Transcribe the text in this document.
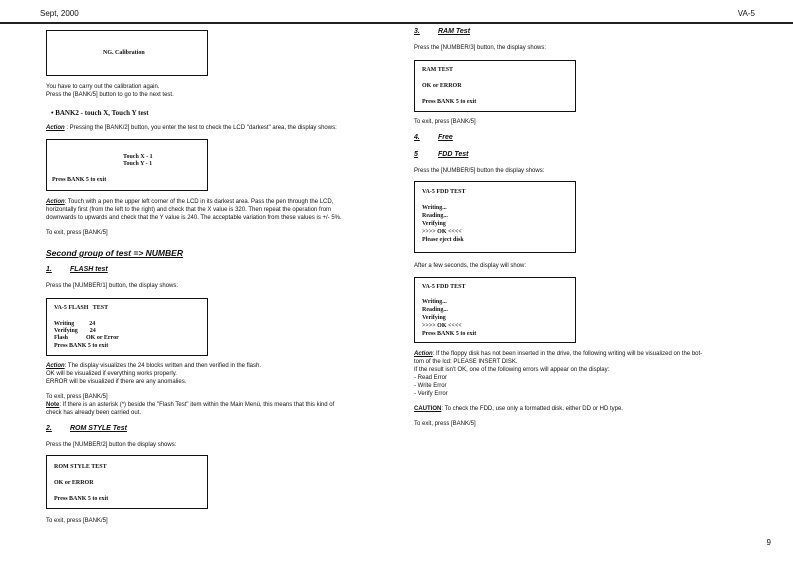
Sept, 2000	VA-5
NG. Calibration
You have to carry out the calibration again.
Press the [BANK/5] button to go to the next test.
• BANK2 - touch X, Touch Y test
Action : Pressing the [BANK/2] button, you enter the test to check the LCD "darkest" area, the display shows:
Touch X - 1
Touch Y - 1
Press BANK 5 to exit
Action: Touch with a pen the upper left corner of the LCD in its darkest area. Pass the pen through the LCD,
horizontally first (from the left to the right) and check that the X value is 320. Then repeat the operation from
downwards to upwards and check that the Y value is 240. The acceptable variation from these values is +/- 5%.
To exit, press [BANK/5]
Second group of test => NUMBER
1.	FLASH test
Press the [NUMBER/1] button, the display shows:
VA-5 FLASH   TEST
Writing          24
Verifying        24
Flash            OK or Error
Press BANK 5 to exit
Action: The display visualizes the 24 blocks written and then verified in the flash.
OK will be visualized if everything works properly.
ERROR will be visualized if there are any anomalies.
To exit, press [BANK/5]
Note: If there is an asterisk (*) beside the "Flash Test" item within the Main Menù, this means that this kind of
check has already been carried out.
2.	ROM STYLE Test
Press the [NUMBER/2] button the display shows:
ROM STYLE TEST
OK or ERROR
Press BANK 5 to exit
To exit, press [BANK/5]
3.	RAM Test
Press the [NUMBER/3] button, the display shows:
RAM TEST
OK or ERROR
Press BANK 5 to exit
To exit, press [BANK/5]
4.	Free
5	FDD Test
Press the [NUMBER/5] button the display shows:
VA-5 FDD TEST
Writing...
Reading...
Verifying
>>>> OK <<<<
Please eject disk
After a few seconds, the display will show:
VA-5 FDD TEST
Writing...
Reading...
Verifying
>>>> OK <<<<
Press BANK 5 to exit
Action: If the floppy disk has not been inserted in the drive, the following writing will be visualized on the bot-
tom of the lcd: PLEASE INSERT DISK.
If the result isn't OK, one of the following errors will appear on the display:
- Read Error
- Write Error
- Verify Error
CAUTION: To check the FDD, use only a formatted disk, either DD or HD type.
To exit, press [BANK/5]
9
